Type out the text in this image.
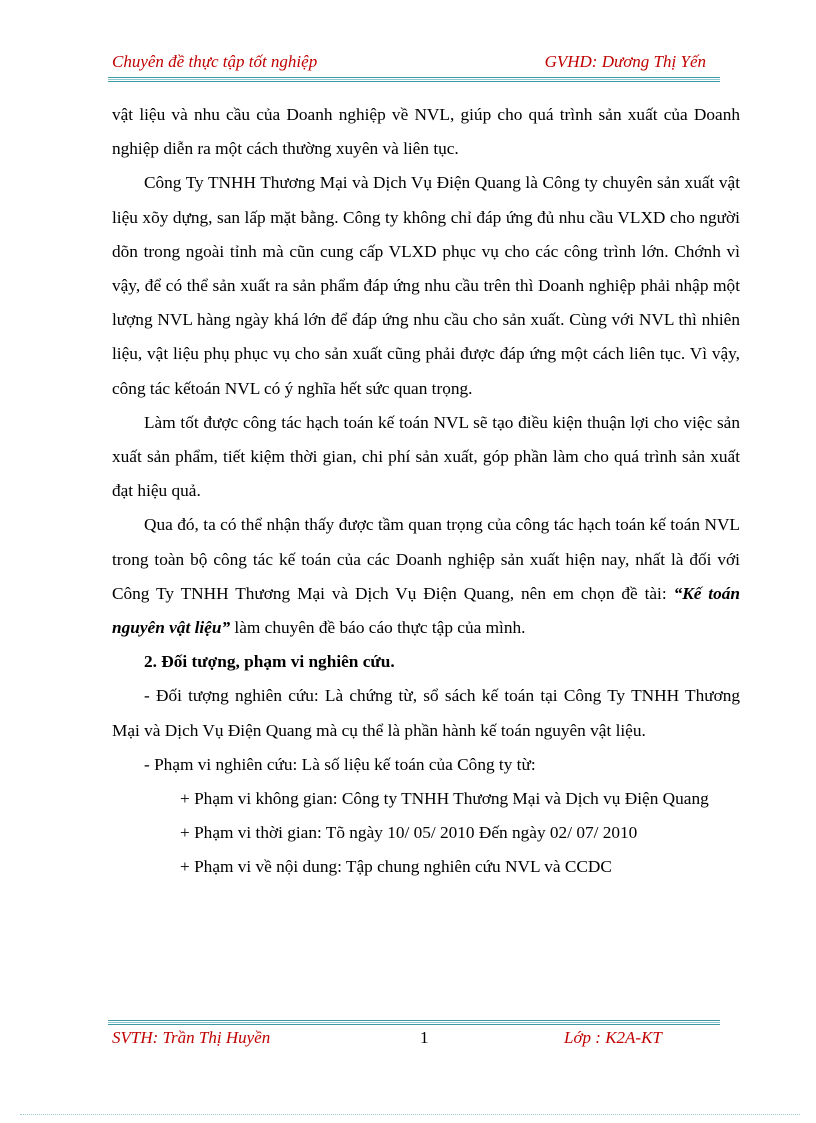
Chuyên đề thực tập tốt nghiệp	GVHD: Dương Thị Yến

vật liệu và nhu cầu của Doanh nghiệp về NVL, giúp cho quá trình sản xuất của Doanh nghiệp diễn ra một cách thường xuyên và liên tục.

Công Ty TNHH Thương Mại và Dịch Vụ Điện Quang là Công ty chuyên sản xuất vật liệu xõy dựng, san lấp mặt bằng. Công ty không chỉ đáp ứng đủ nhu cầu VLXD cho người dõn trong ngoài tỉnh mà cũn cung cấp VLXD phục vụ cho các công trình lớn. Chớnh vì vậy, để có thể sản xuất ra sản phẩm đáp ứng nhu cầu trên thì Doanh nghiệp phải nhập một lượng NVL hàng ngày khá lớn để đáp ứng nhu cầu cho sản xuất. Cùng với NVL thì nhiên liệu, vật liệu phụ phục vụ cho sản xuất cũng phải được đáp ứng một cách liên tục. Vì vậy, công tác kếtoán NVL có ý nghĩa hết sức quan trọng.

Làm tốt được công tác hạch toán kế toán NVL sẽ tạo điều kiện thuận lợi cho việc sản xuất sản phẩm, tiết kiệm thời gian, chi phí sản xuất, góp phần làm cho quá trình sản xuất đạt hiệu quả.

Qua đó, ta có thể nhận thấy được tầm quan trọng của công tác hạch toán kế toán NVL trong toàn bộ công tác kế toán của các Doanh nghiệp sản xuất hiện nay, nhất là đối với Công Ty TNHH Thương Mại và Dịch Vụ Điện Quang, nên em chọn đề tài: “Kế toán nguyên vật liệu” làm chuyên đề báo cáo thực tập của mình.

2. Đối tượng, phạm vi nghiên cứu.

- Đối tượng nghiên cứu: Là chứng từ, sổ sách kế toán tại Công Ty TNHH Thương Mại và Dịch Vụ Điện Quang mà cụ thể là phần hành kế toán nguyên vật liệu.

- Phạm vi nghiên cứu: Là số liệu kế toán của Công ty từ:

+ Phạm vi không gian: Công ty TNHH Thương Mại và Dịch vụ Điện Quang

+ Phạm vi thời gian: Tõ ngày 10/ 05/ 2010 Đến ngày 02/ 07/ 2010

+ Phạm vi về nội dung: Tập chung nghiên cứu NVL và CCDC

SVTH: Trần Thị Huyền	1	Lớp : K2A-KT
